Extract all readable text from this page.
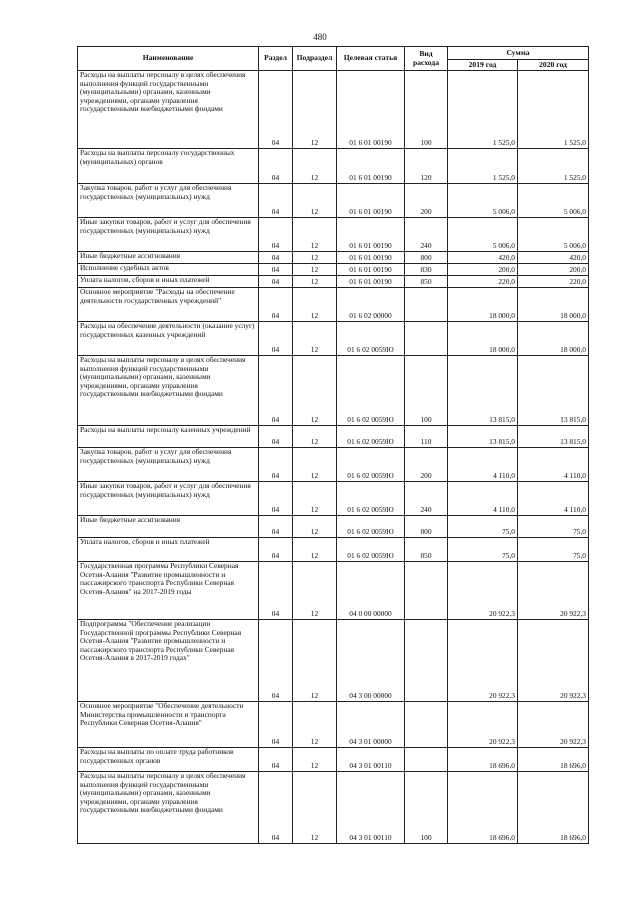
480
Наименование	Раздел	Подраздел	Целевая статья	Вид расхода	Сумма	
					2019 год	2020 год
Расходы на выплаты персоналу в целях обеспечения выполнения функций государственными (муниципальными) органами, казенными учреждениями, органами управления государственными внебюджетными фондами	04	12	01 6 01 00190	100	1 525,0	1 525,0
Расходы на выплаты персоналу государственных (муниципальных) органов	04	12	01 6 01 00190	120	1 525,0	1 525,0
Закупка товаров, работ и услуг для обеспечения государственных (муниципальных) нужд	04	12	01 6 01 00190	200	5 006,0	5 006,0
Иные закупки товаров, работ и услуг для обеспечения государственных (муниципальных) нужд	04	12	01 6 01 00190	240	5 006,0	5 006,0
Иные бюджетные ассигнования	04	12	01 6 01 00190	800	420,0	420,0
Исполнение судебных актов	04	12	01 6 01 00190	830	200,0	200,0
Уплата налогов, сборов и иных платежей	04	12	01 6 01 00190	850	220,0	220,0
Основное мероприятие "Расходы на обеспечение деятельности государственных учреждений"	04	12	01 6 02 00000		18 000,0	18 000,0
Расходы на обеспечение деятельности (оказание услуг) государственных казенных учреждений	04	12	01 6 02 0059Ю		18 000,0	18 000,0
Расходы на выплаты персоналу в целях обеспечения выполнения функций государственными (муниципальными) органами, казенными учреждениями, органами управления государственными внебюджетными фондами	04	12	01 6 02 0059Ю	100	13 815,0	13 815,0
Расходы на выплаты персоналу казенных учреждений	04	12	01 6 02 0059Ю	110	13 815,0	13 815,0
Закупка товаров, работ и услуг для обеспечения государственных (муниципальных) нужд	04	12	01 6 02 0059Ю	200	4 110,0	4 110,0
Иные закупки товаров, работ и услуг для обеспечения государственных (муниципальных) нужд	04	12	01 6 02 0059Ю	240	4 110,0	4 110,0
Иные бюджетные ассигнования	04	12	01 6 02 0059Ю	800	75,0	75,0
Уплата налогов, сборов и иных платежей	04	12	01 6 02 0059Ю	850	75,0	75,0
Государственная программа Республики Северная Осетия-Алания "Развитие промышленности и пассажирского транспорта Республики Северная Осетия-Алания" на 2017-2019 годы	04	12	04 0 00 00000		20 922,3	20 922,3
Подпрограмма "Обеспечение реализации Государственной программы Республики Северная Осетия-Алания "Развитие промышленности и пассажирского транспорта Республики Северная Осетия-Алания в 2017-2019 годах"	04	12	04 3 00 00000		20 922,3	20 922,3
Основное мероприятие "Обеспечение деятельности Министерства промышленности и транспорта Республики Северная Осетия-Алания"	04	12	04 3 01 00000		20 922,3	20 922,3
Расходы на выплаты по оплате труда работников государственных органов	04	12	04 3 01 00110		18 696,0	18 696,0
Расходы на выплаты персоналу в целях обеспечения выполнения функций государственными (муниципальными) органами, казенными учреждениями, органами управления государственными внебюджетными фондами	04	12	04 3 01 00110	100	18 696,0	18 696,0
